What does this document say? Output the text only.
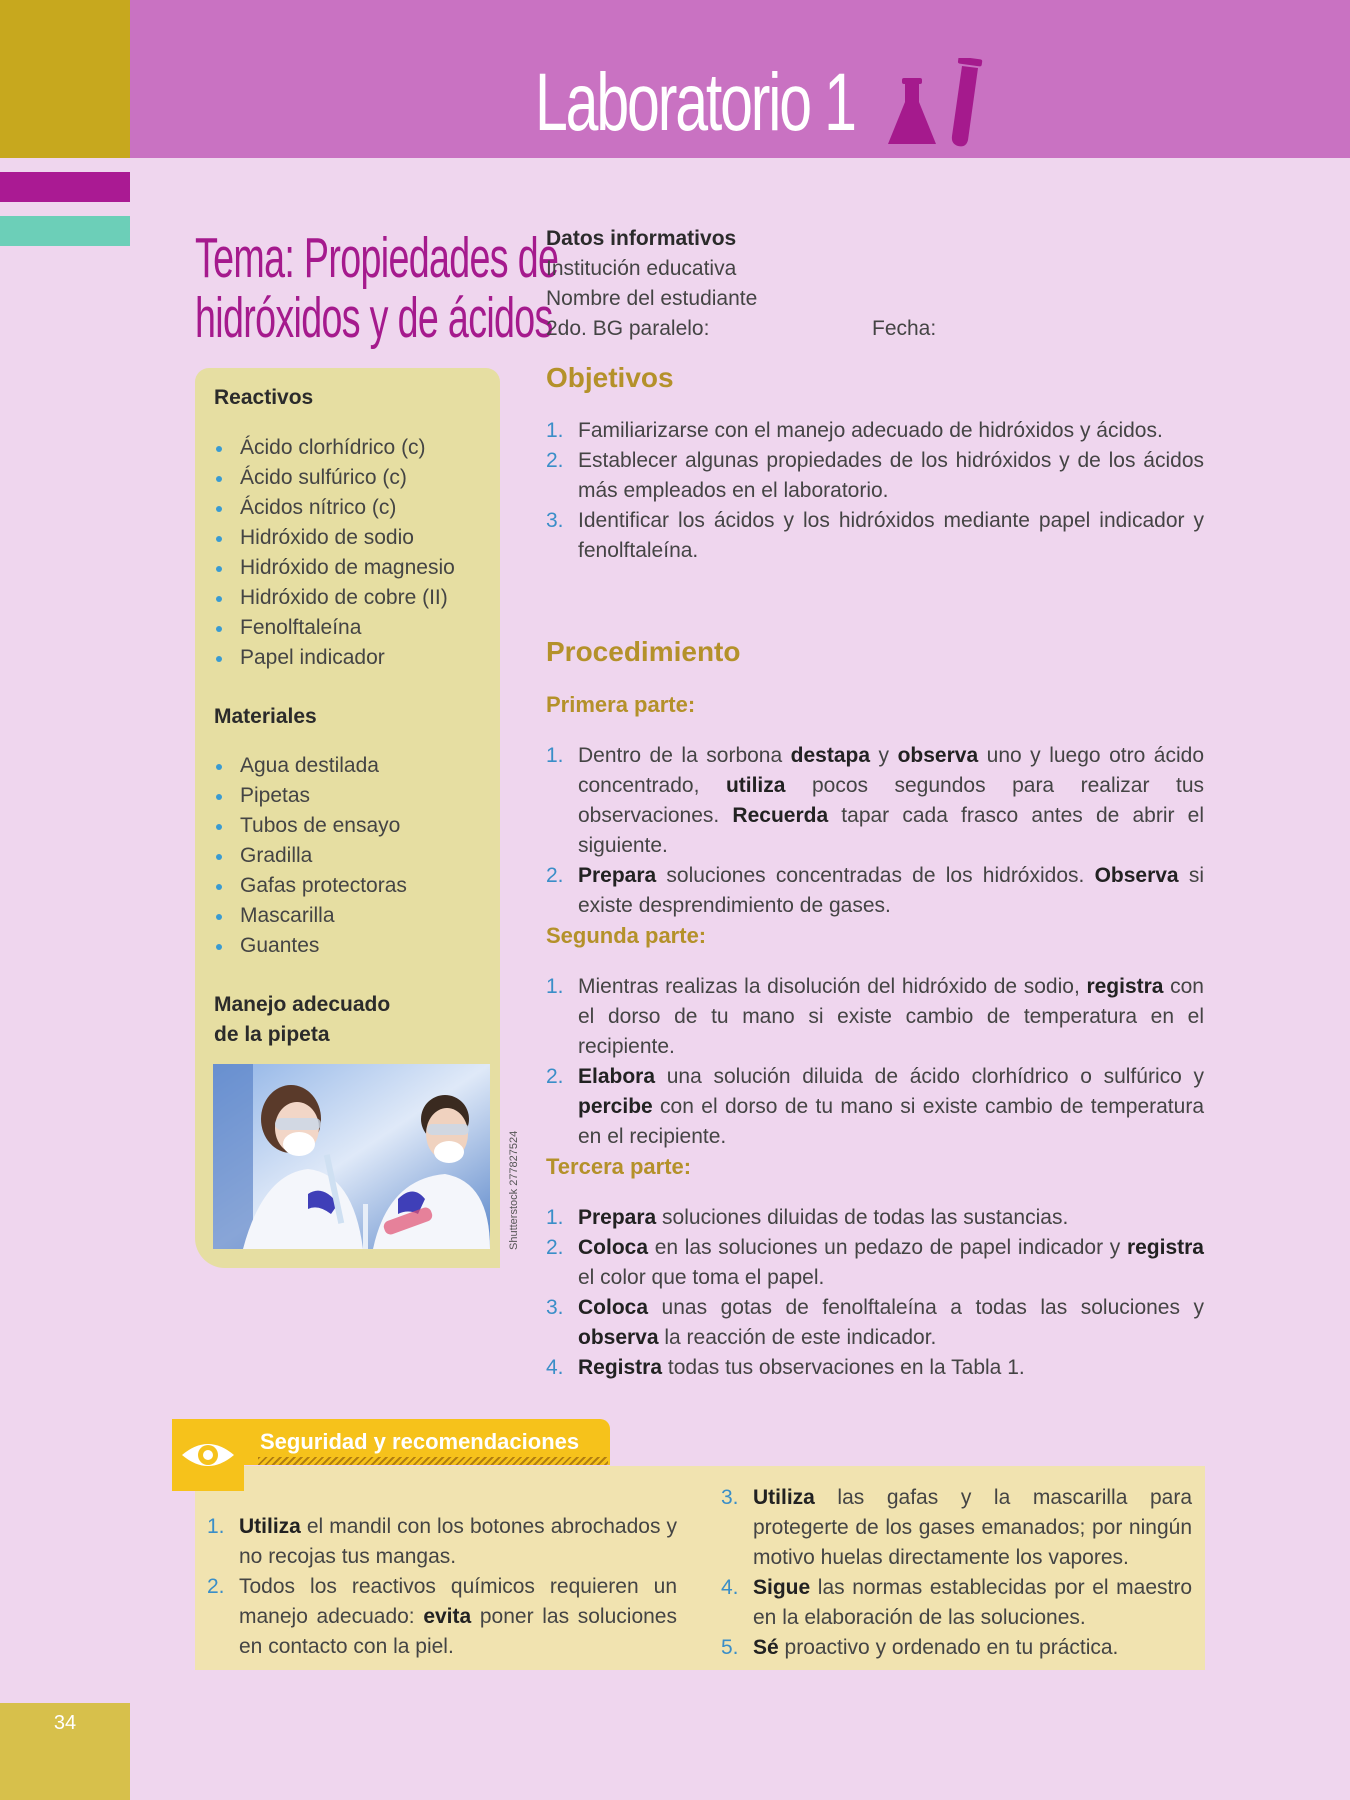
34
Laboratorio 1
Tema: Propiedades de
hidróxidos y de ácidos
Reactivos
Ácido clorhídrico (c)
Ácido sulfúrico (c)
Ácidos nítrico (c)
Hidróxido de sodio
Hidróxido de magnesio
Hidróxido de cobre (II)
Fenolftaleína
Papel indicador
Materiales
Agua destilada
Pipetas
Tubos de ensayo
Gradilla
Gafas protectoras
Mascarilla
Guantes
Manejo adecuado
de la pipeta
Shutterstock 277827524
Datos informativos
Institución educativa
Nombre del estudiante
2do. BG paralelo:	Fecha:
Objetivos
1. Familiarizarse con el manejo adecuado de hidróxidos y ácidos.
2. Establecer algunas propiedades de los hidróxidos y de los ácidos más empleados en el laboratorio.
3. Identificar los ácidos y los hidróxidos mediante papel indicador y fenolftaleína.
Procedimiento
Primera parte:
1. Dentro de la sorbona destapa y observa uno y luego otro ácido concentrado, utiliza pocos segundos para realizar tus observaciones. Recuerda tapar cada frasco antes de abrir el siguiente.
2. Prepara soluciones concentradas de los hidróxidos. Observa si existe desprendimiento de gases.
Segunda parte:
1. Mientras realizas la disolución del hidróxido de sodio, registra con el dorso de tu mano si existe cambio de temperatura en el recipiente.
2. Elabora una solución diluida de ácido clorhídrico o sulfúrico y percibe con el dorso de tu mano si existe cambio de temperatura en el recipiente.
Tercera parte:
1. Prepara soluciones diluidas de todas las sustancias.
2. Coloca en las soluciones un pedazo de papel indicador y registra el color que toma el papel.
3. Coloca unas gotas de fenolftaleína a todas las soluciones y observa la reacción de este indicador.
4. Registra todas tus observaciones en la Tabla 1.
Seguridad y recomendaciones
1. Utiliza el mandil con los botones abrochados y no recojas tus mangas.
2. Todos los reactivos químicos requieren un manejo adecuado: evita poner las soluciones en contacto con la piel.
3. Utiliza las gafas y la mascarilla para protegerte de los gases emanados; por ningún motivo huelas directamente los vapores.
4. Sigue las normas establecidas por el maestro en la elaboración de las soluciones.
5. Sé proactivo y ordenado en tu práctica.
